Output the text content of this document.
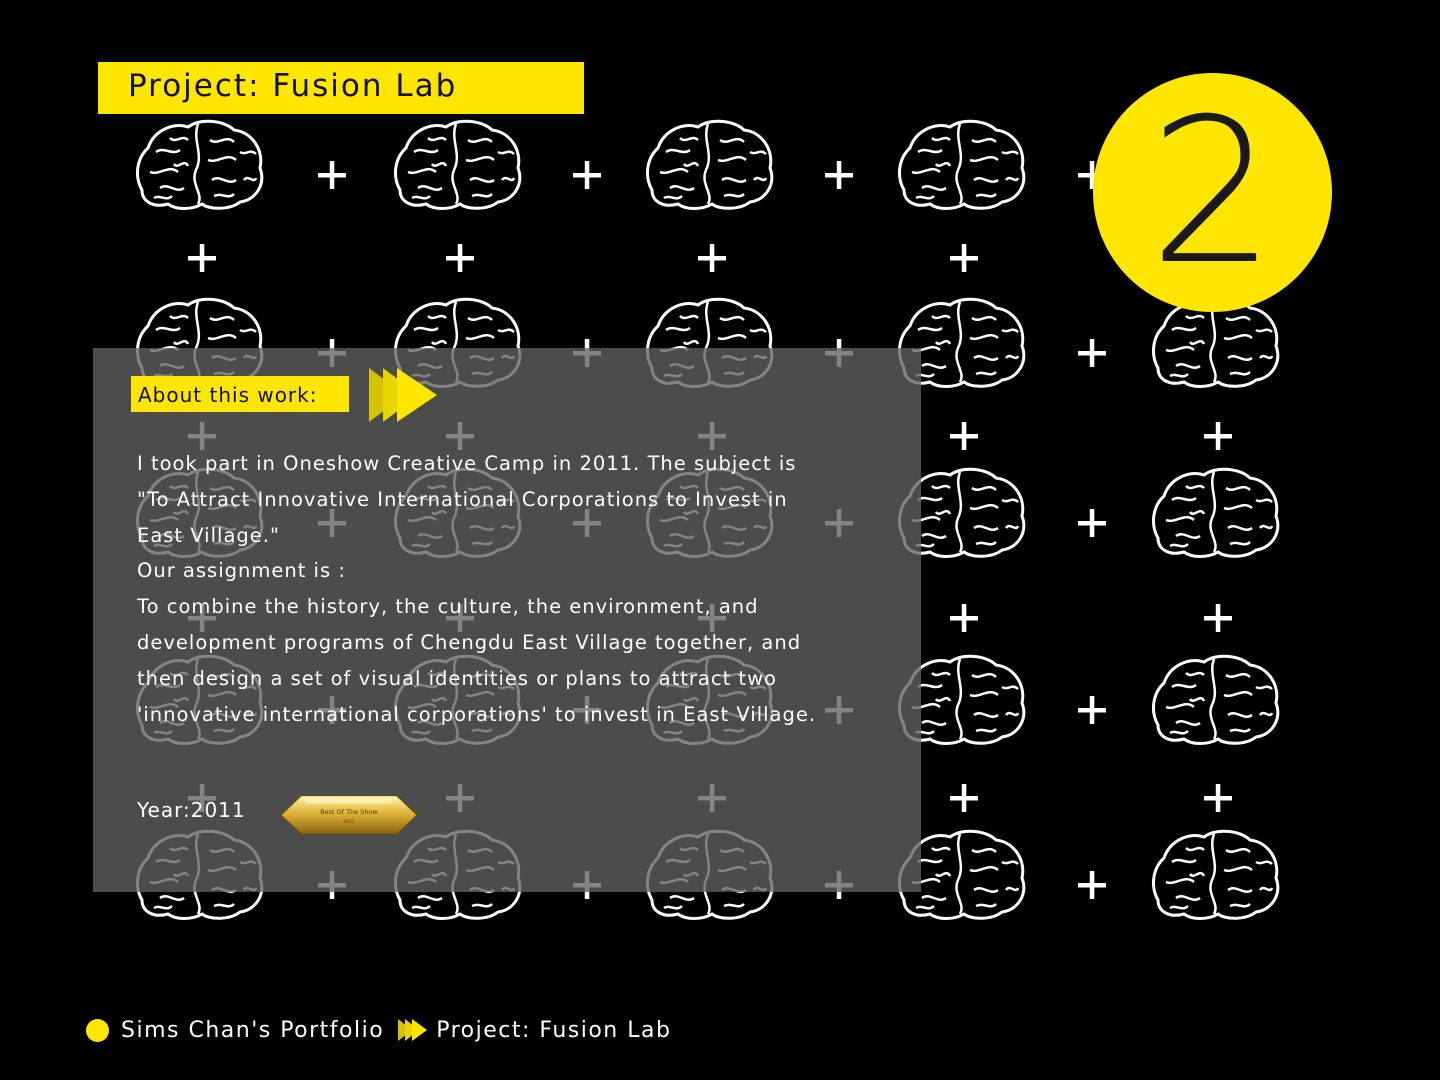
Project: Fusion Lab	2
About this work:

I took part in Oneshow Creative Camp in 2011. The subject is

"To Attract Innovative International Corporations to Invest in

East Village."

Our assignment is :

To combine the history, the culture, the environment, and

development programs of Chengdu East Village together, and

then design a set of visual identities or plans to attract two

'innovative international corporations' to invest in East Village.

Year:2011	Best Of The Show
2011
Sims Chan's Portfolio Project: Fusion Lab
